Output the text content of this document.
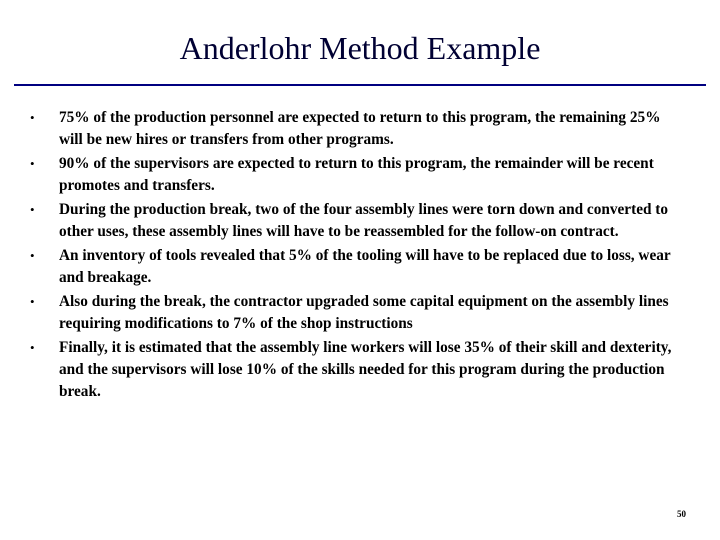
Anderlohr Method Example
• 75% of the production personnel are expected to return to this program, the remaining 25% will be new hires or transfers from other programs.
• 90% of the supervisors are expected to return to this program, the remainder will be recent promotes and transfers.
• During the production break, two of the four assembly lines were torn down and converted to other uses, these assembly lines will have to be reassembled for the follow-on contract.
• An inventory of tools revealed that 5% of the tooling will have to be replaced due to loss, wear and breakage.
• Also during the break, the contractor upgraded some capital equipment on the assembly lines requiring modifications to 7% of the shop instructions
• Finally, it is estimated that the assembly line workers will lose 35% of their skill and dexterity, and the supervisors will lose 10% of the skills needed for this program during the production break.
50
